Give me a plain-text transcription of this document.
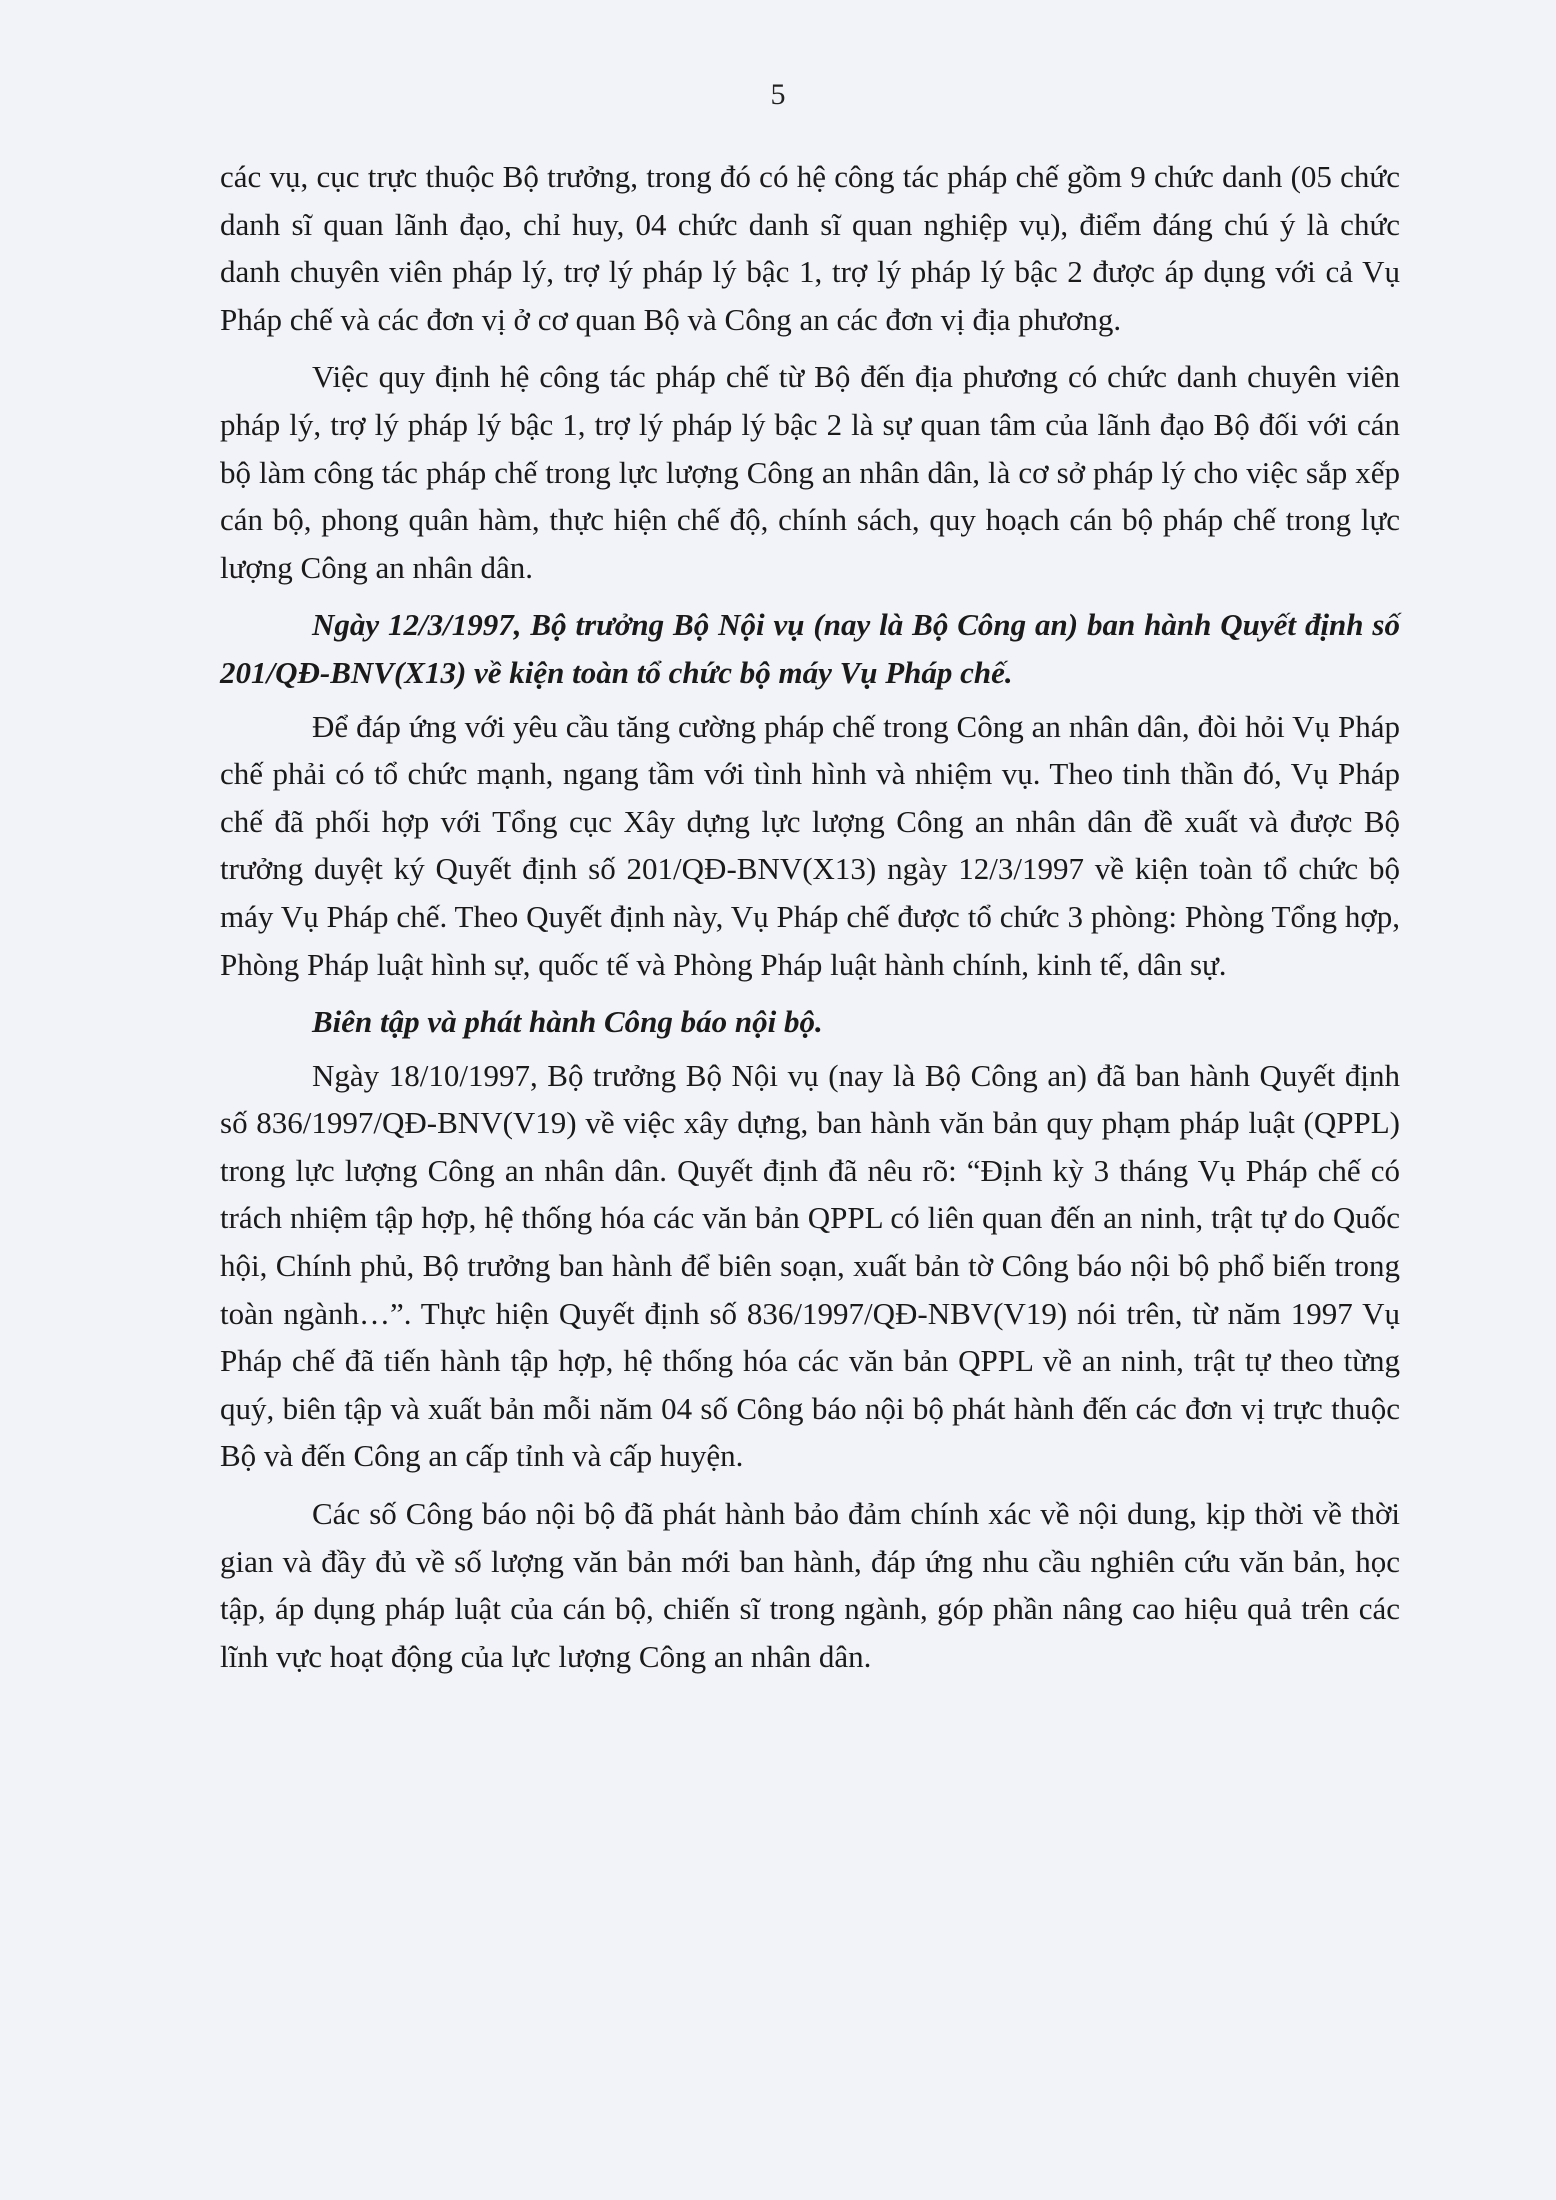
5

các vụ, cục trực thuộc Bộ trưởng, trong đó có hệ công tác pháp chế gồm 9 chức danh (05 chức danh sĩ quan lãnh đạo, chỉ huy, 04 chức danh sĩ quan nghiệp vụ), điểm đáng chú ý là chức danh chuyên viên pháp lý, trợ lý pháp lý bậc 1, trợ lý pháp lý bậc 2 được áp dụng với cả Vụ Pháp chế và các đơn vị ở cơ quan Bộ và Công an các đơn vị địa phương.

Việc quy định hệ công tác pháp chế từ Bộ đến địa phương có chức danh chuyên viên pháp lý, trợ lý pháp lý bậc 1, trợ lý pháp lý bậc 2 là sự quan tâm của lãnh đạo Bộ đối với cán bộ làm công tác pháp chế trong lực lượng Công an nhân dân, là cơ sở pháp lý cho việc sắp xếp cán bộ, phong quân hàm, thực hiện chế độ, chính sách, quy hoạch cán bộ pháp chế trong lực lượng Công an nhân dân.

Ngày 12/3/1997, Bộ trưởng Bộ Nội vụ (nay là Bộ Công an) ban hành Quyết định số 201/QĐ-BNV(X13) về kiện toàn tổ chức bộ máy Vụ Pháp chế.

Để đáp ứng với yêu cầu tăng cường pháp chế trong Công an nhân dân, đòi hỏi Vụ Pháp chế phải có tổ chức mạnh, ngang tầm với tình hình và nhiệm vụ. Theo tinh thần đó, Vụ Pháp chế đã phối hợp với Tổng cục Xây dựng lực lượng Công an nhân dân đề xuất và được Bộ trưởng duyệt ký Quyết định số 201/QĐ-BNV(X13) ngày 12/3/1997 về kiện toàn tổ chức bộ máy Vụ Pháp chế. Theo Quyết định này, Vụ Pháp chế được tổ chức 3 phòng: Phòng Tổng hợp, Phòng Pháp luật hình sự, quốc tế và Phòng Pháp luật hành chính, kinh tế, dân sự.

Biên tập và phát hành Công báo nội bộ.

Ngày 18/10/1997, Bộ trưởng Bộ Nội vụ (nay là Bộ Công an) đã ban hành Quyết định số 836/1997/QĐ-BNV(V19) về việc xây dựng, ban hành văn bản quy phạm pháp luật (QPPL) trong lực lượng Công an nhân dân. Quyết định đã nêu rõ: “Định kỳ 3 tháng Vụ Pháp chế có trách nhiệm tập hợp, hệ thống hóa các văn bản QPPL có liên quan đến an ninh, trật tự do Quốc hội, Chính phủ, Bộ trưởng ban hành để biên soạn, xuất bản tờ Công báo nội bộ phổ biến trong toàn ngành…”. Thực hiện Quyết định số 836/1997/QĐ-NBV(V19) nói trên, từ năm 1997 Vụ Pháp chế đã tiến hành tập hợp, hệ thống hóa các văn bản QPPL về an ninh, trật tự theo từng quý, biên tập và xuất bản mỗi năm 04 số Công báo nội bộ phát hành đến các đơn vị trực thuộc Bộ và đến Công an cấp tỉnh và cấp huyện.

Các số Công báo nội bộ đã phát hành bảo đảm chính xác về nội dung, kịp thời về thời gian và đầy đủ về số lượng văn bản mới ban hành, đáp ứng nhu cầu nghiên cứu văn bản, học tập, áp dụng pháp luật của cán bộ, chiến sĩ trong ngành, góp phần nâng cao hiệu quả trên các lĩnh vực hoạt động của lực lượng Công an nhân dân.
